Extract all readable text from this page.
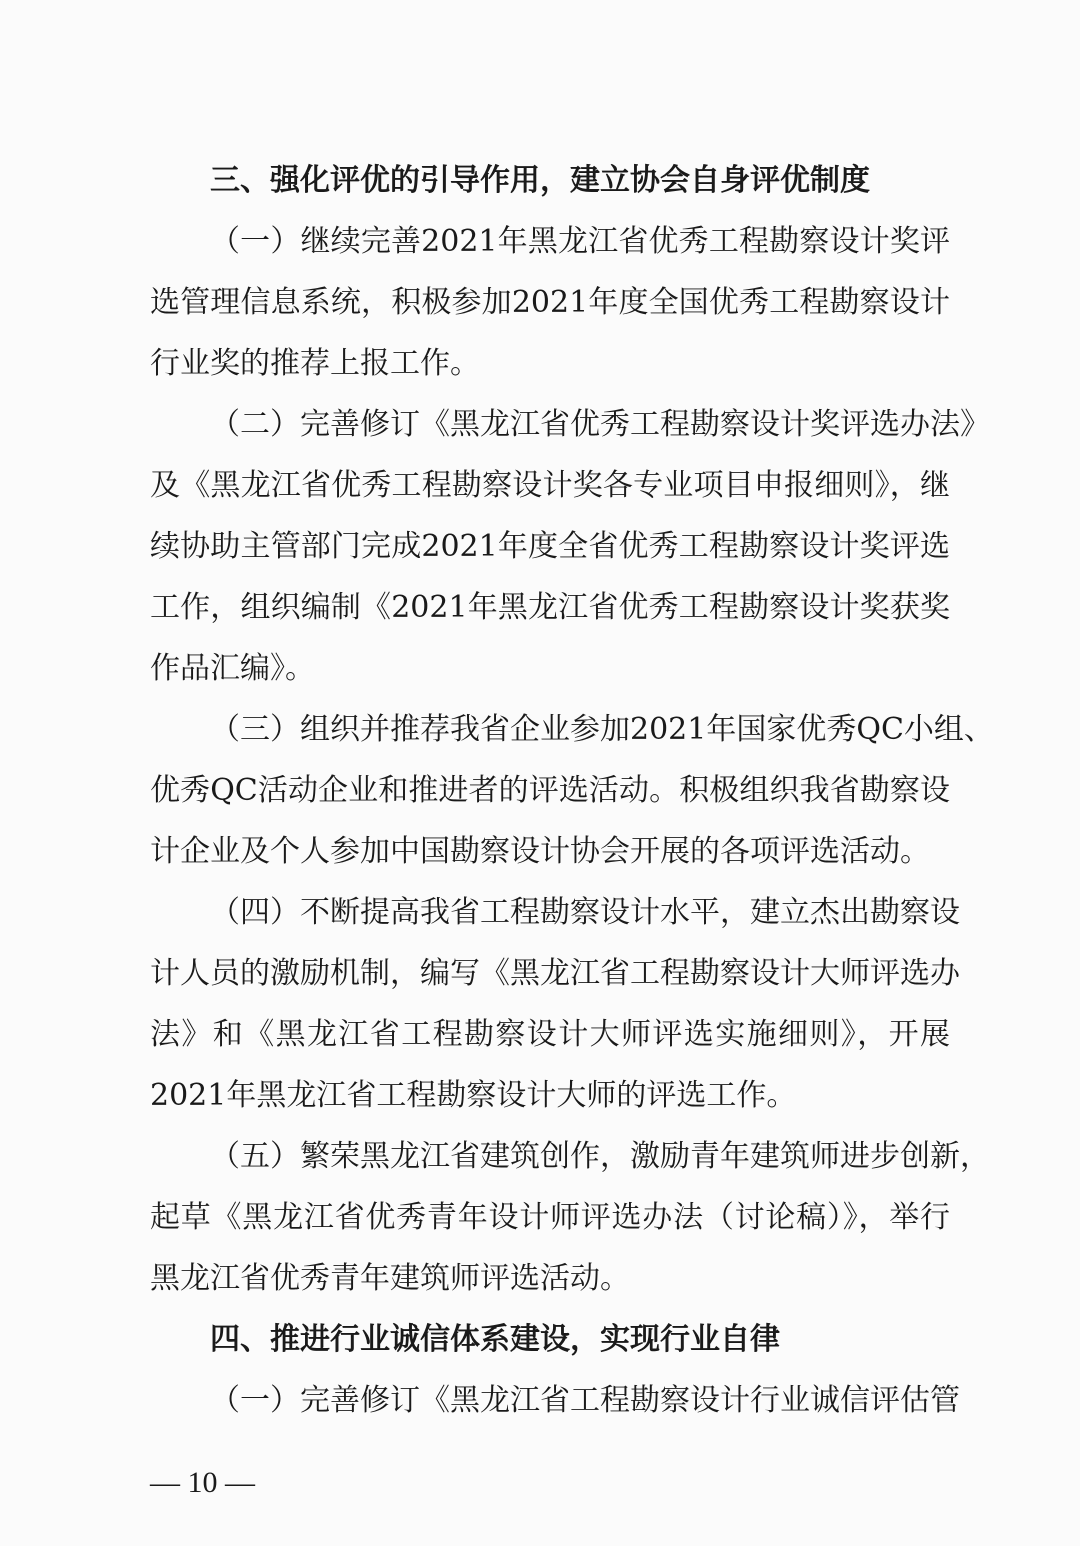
三、强化评优的引导作用，建立协会自身评优制度
（一）继续完善2021年黑龙江省优秀工程勘察设计奖评
选管理信息系统，积极参加2021年度全国优秀工程勘察设计
行业奖的推荐上报工作。
（二）完善修订《黑龙江省优秀工程勘察设计奖评选办法》
及《黑龙江省优秀工程勘察设计奖各专业项目申报细则》，继
续协助主管部门完成2021年度全省优秀工程勘察设计奖评选
工作，组织编制《2021年黑龙江省优秀工程勘察设计奖获奖
作品汇编》。
（三）组织并推荐我省企业参加2021年国家优秀QC小组、
优秀QC活动企业和推进者的评选活动。积极组织我省勘察设
计企业及个人参加中国勘察设计协会开展的各项评选活动。
（四）不断提高我省工程勘察设计水平，建立杰出勘察设
计人员的激励机制，编写《黑龙江省工程勘察设计大师评选办
法》和《黑龙江省工程勘察设计大师评选实施细则》，开展
2021年黑龙江省工程勘察设计大师的评选工作。
（五）繁荣黑龙江省建筑创作，激励青年建筑师进步创新，
起草《黑龙江省优秀青年设计师评选办法（讨论稿）》，举行
黑龙江省优秀青年建筑师评选活动。
四、推进行业诚信体系建设，实现行业自律
（一）完善修订《黑龙江省工程勘察设计行业诚信评估管
— 10 —
